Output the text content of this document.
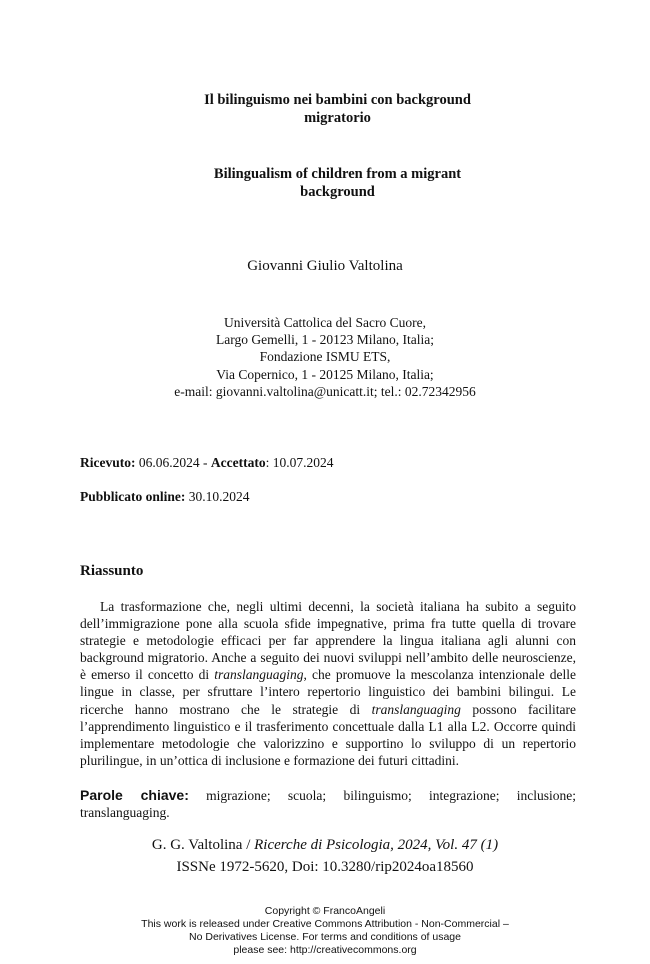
Il bilinguismo nei bambini con background
migratorio
Bilingualism of children from a migrant
background
Giovanni Giulio Valtolina
Università Cattolica del Sacro Cuore,
Largo Gemelli, 1 - 20123 Milano, Italia;
Fondazione ISMU ETS,
Via Copernico, 1 - 20125 Milano, Italia;
e-mail: giovanni.valtolina@unicatt.it; tel.: 02.72342956
Ricevuto: 06.06.2024 - Accettato: 10.07.2024
Pubblicato online: 30.10.2024
Riassunto

La trasformazione che, negli ultimi decenni, la società italiana ha subito a seguito dell’immigrazione pone alla scuola sfide impegnative, prima fra tutte quella di trovare strategie e metodologie efficaci per far apprendere la lingua italiana agli alunni con background migratorio. Anche a seguito dei nuovi sviluppi nell’ambito delle neuroscienze, è emerso il concetto di translanguaging, che promuove la mescolanza intenzionale delle lingue in classe, per sfruttare l’intero repertorio linguistico dei bambini bilingui. Le ricerche hanno mostrano che le strategie di translanguaging possono facilitare l’apprendimento linguistico e il trasferimento concettuale dalla L1 alla L2. Occorre quindi implementare metodologie che valorizzino e supportino lo sviluppo di un repertorio plurilingue, in un’ottica di inclusione e formazione dei futuri cittadini.

Parole chiave: migrazione; scuola; bilinguismo; integrazione; inclusione; translanguaging.

G. G. Valtolina / Ricerche di Psicologia, 2024, Vol. 47 (1)
ISSNe 1972-5620, Doi: 10.3280/rip2024oa18560
Copyright © FrancoAngeli
This work is released under Creative Commons Attribution - Non-Commercial –
No Derivatives License. For terms and conditions of usage
please see: http://creativecommons.org
